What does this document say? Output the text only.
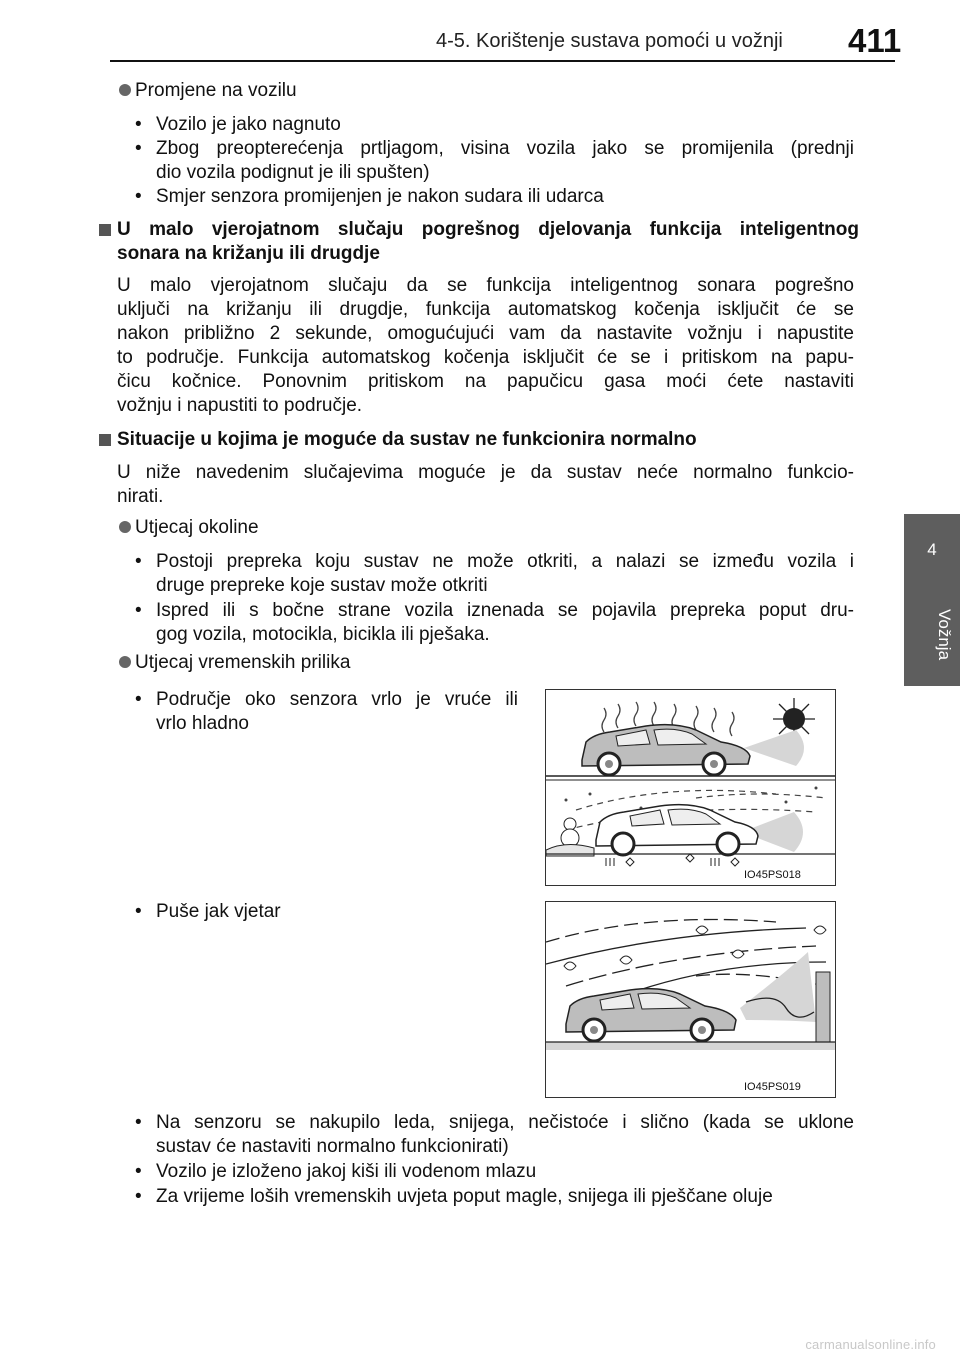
4-5. Korištenje sustava pomoći u vožnji 411
4
Vožnja
Promjene na vozilu
• Vozilo je jako nagnuto
• Zbog preopterećenja prtljagom, visina vozila jako se promijenila (prednji
dio vozila podignut je ili spušten)
• Smjer senzora promijenjen je nakon sudara ili udarca
U malo vjerojatnom slučaju pogrešnog djelovanja funkcija inteligentnog
sonara na križanju ili drugdje
U malo vjerojatnom slučaju da se funkcija inteligentnog sonara pogrešno
uključi na križanju ili drugdje, funkcija automatskog kočenja isključit će se
nakon približno 2 sekunde, omogućujući vam da nastavite vožnju i napustite
to područje. Funkcija automatskog kočenja isključit će se i pritiskom na papu-
čicu kočnice. Ponovnim pritiskom na papučicu gasa moći ćete nastaviti
vožnju i napustiti to područje.
Situacije u kojima je moguće da sustav ne funkcionira normalno
U niže navedenim slučajevima moguće je da sustav neće normalno funkcio-
nirati.
Utjecaj okoline
• Postoji prepreka koju sustav ne može otkriti, a nalazi se između vozila i
druge prepreke koje sustav može otkriti
• Ispred ili s bočne strane vozila iznenada se pojavila prepreka poput dru-
gog vozila, motocikla, bicikla ili pješaka.
Utjecaj vremenskih prilika
• Područje oko senzora vrlo je vruće ili
vrlo hladno
IO45PS018
• Puše jak vjetar
IO45PS019
• Na senzoru se nakupilo leda, snijega, nečistoće i slično (kada se uklone
sustav će nastaviti normalno funkcionirati)
• Vozilo je izloženo jakoj kiši ili vodenom mlazu
• Za vrijeme loših vremenskih uvjeta poput magle, snijega ili pješčane oluje
carmanualsonline.info
